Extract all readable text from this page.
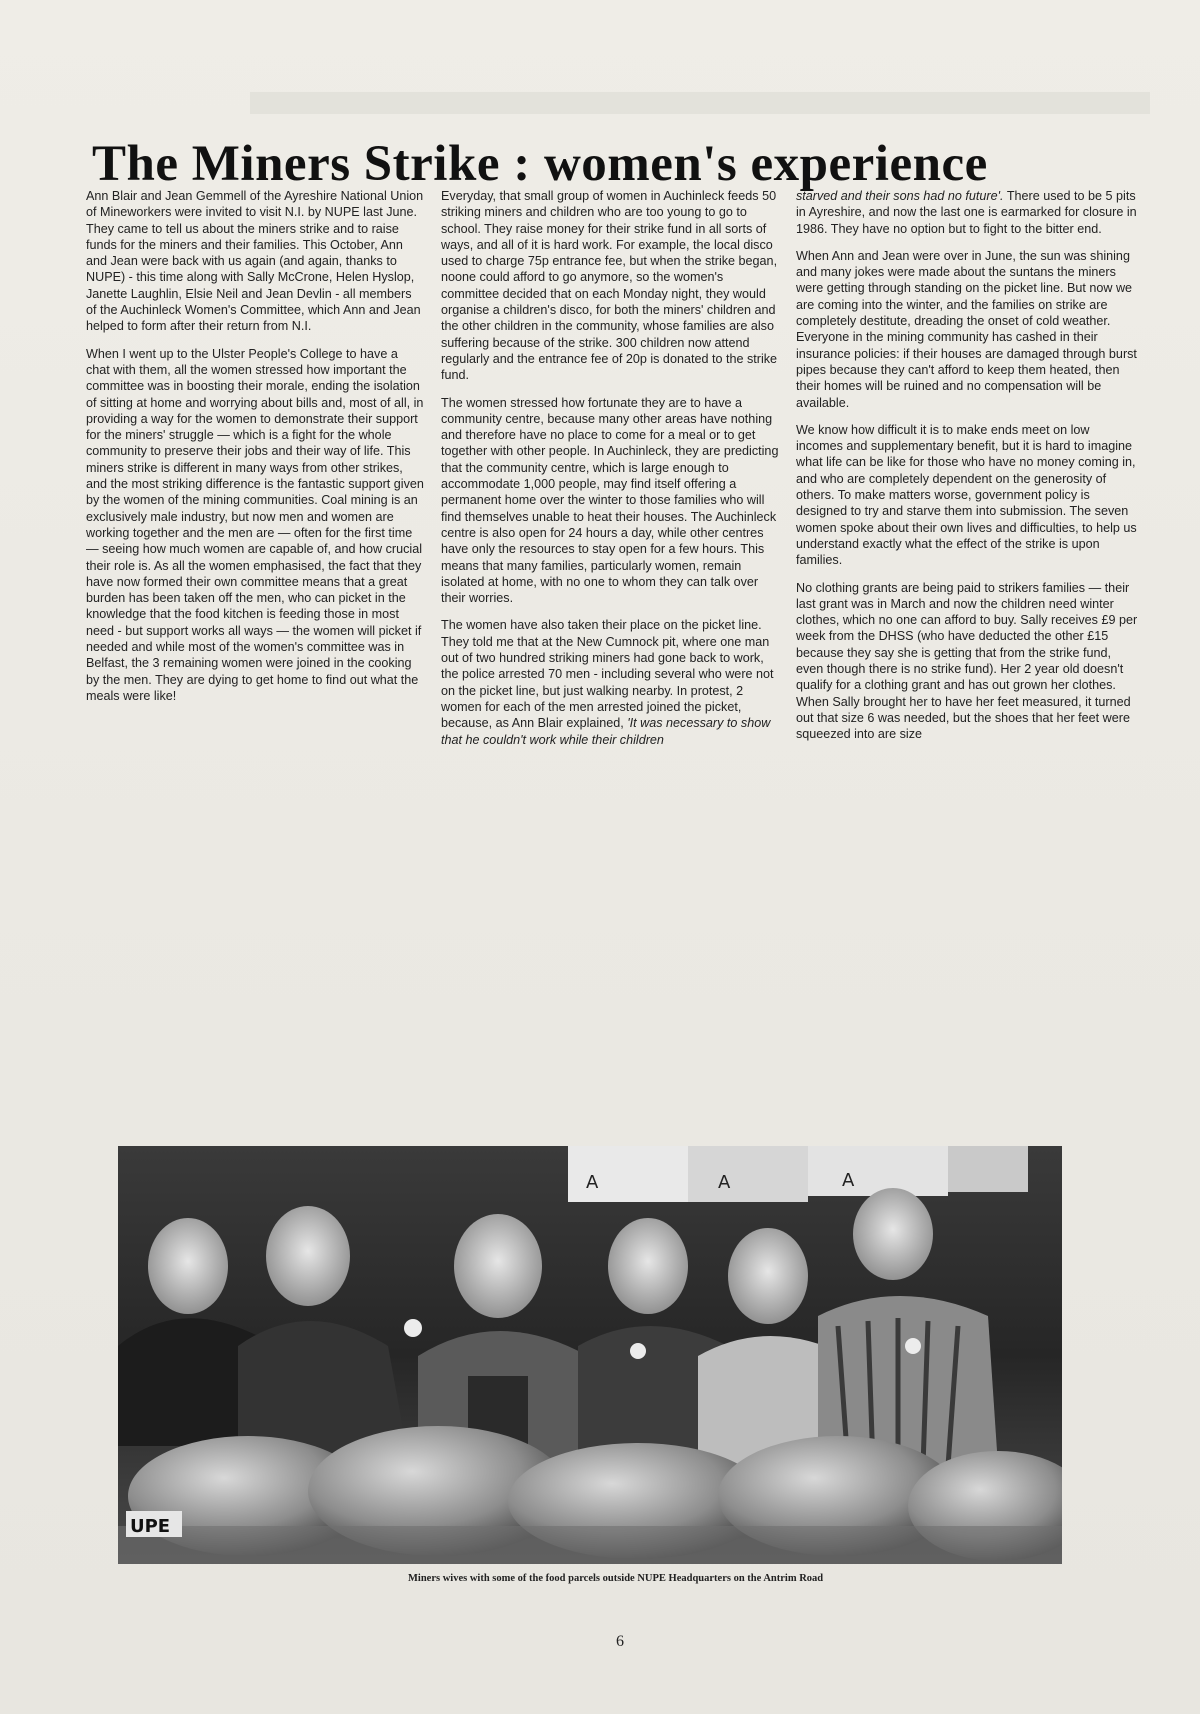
The Miners Strike : women's experience

Ann Blair and Jean Gemmell of the Ayreshire National Union of Mineworkers were invited to visit N.I. by NUPE last June. They came to tell us about the miners strike and to raise funds for the miners and their families. This October, Ann and Jean were back with us again (and again, thanks to NUPE) - this time along with Sally McCrone, Helen Hyslop, Janette Laughlin, Elsie Neil and Jean Devlin - all members of the Auchinleck Women's Committee, which Ann and Jean helped to form after their return from N.I.

When I went up to the Ulster People's College to have a chat with them, all the women stressed how important the committee was in boosting their morale, ending the isolation of sitting at home and worrying about bills and, most of all, in providing a way for the women to demonstrate their support for the miners' struggle — which is a fight for the whole community to preserve their jobs and their way of life. This miners strike is different in many ways from other strikes, and the most striking difference is the fantastic support given by the women of the mining communities. Coal mining is an exclusively male industry, but now men and women are working together and the men are — often for the first time — seeing how much women are capable of, and how crucial their role is. As all the women emphasised, the fact that they have now formed their own committee means that a great burden has been taken off the men, who can picket in the knowledge that the food kitchen is feeding those in most need - but support works all ways — the women will picket if needed and while most of the women's committee was in Belfast, the 3 remaining women were joined in the cooking by the men. They are dying to get home to find out what the meals were like!

Everyday, that small group of women in Auchinleck feeds 50 striking miners and children who are too young to go to school. They raise money for their strike fund in all sorts of ways, and all of it is hard work. For example, the local disco used to charge 75p entrance fee, but when the strike began, noone could afford to go anymore, so the women's committee decided that on each Monday night, they would organise a children's disco, for both the miners' children and the other children in the community, whose families are also suffering because of the strike. 300 children now attend regularly and the entrance fee of 20p is donated to the strike fund.

The women stressed how fortunate they are to have a community centre, because many other areas have nothing and therefore have no place to come for a meal or to get together with other people. In Auchinleck, they are predicting that the community centre, which is large enough to accommodate 1,000 people, may find itself offering a permanent home over the winter to those families who will find themselves unable to heat their houses. The Auchinleck centre is also open for 24 hours a day, while other centres have only the resources to stay open for a few hours. This means that many families, particularly women, remain isolated at home, with no one to whom they can talk over their worries.

The women have also taken their place on the picket line. They told me that at the New Cumnock pit, where one man out of two hundred striking miners had gone back to work, the police arrested 70 men - including several who were not on the picket line, but just walking nearby. In protest, 2 women for each of the men arrested joined the picket, because, as Ann Blair explained, 'It was necessary to show that he couldn't work while their children

starved and their sons had no future'. There used to be 5 pits in Ayreshire, and now the last one is earmarked for closure in 1986. They have no option but to fight to the bitter end.

When Ann and Jean were over in June, the sun was shining and many jokes were made about the suntans the miners were getting through standing on the picket line. But now we are coming into the winter, and the families on strike are completely destitute, dreading the onset of cold weather. Everyone in the mining community has cashed in their insurance policies: if their houses are damaged through burst pipes because they can't afford to keep them heated, then their homes will be ruined and no compensation will be available.

We know how difficult it is to make ends meet on low incomes and supplementary benefit, but it is hard to imagine what life can be like for those who have no money coming in, and who are completely dependent on the generosity of others. To make matters worse, government policy is designed to try and starve them into submission. The seven women spoke about their own lives and difficulties, to help us understand exactly what the effect of the strike is upon families.

No clothing grants are being paid to strikers families — their last grant was in March and now the children need winter clothes, which no one can afford to buy. Sally receives £9 per week from the DHSS (who have deducted the other £15 because they say she is getting that from the strike fund, even though there is no strike fund). Her 2 year old doesn't qualify for a clothing grant and has out grown her clothes. When Sally brought her to have her feet measured, it turned out that size 6 was needed, but the shoes that her feet were squeezed into are size

A	A	A
UPE
Miners wives with some of the food parcels outside NUPE Headquarters on the Antrim Road
6
